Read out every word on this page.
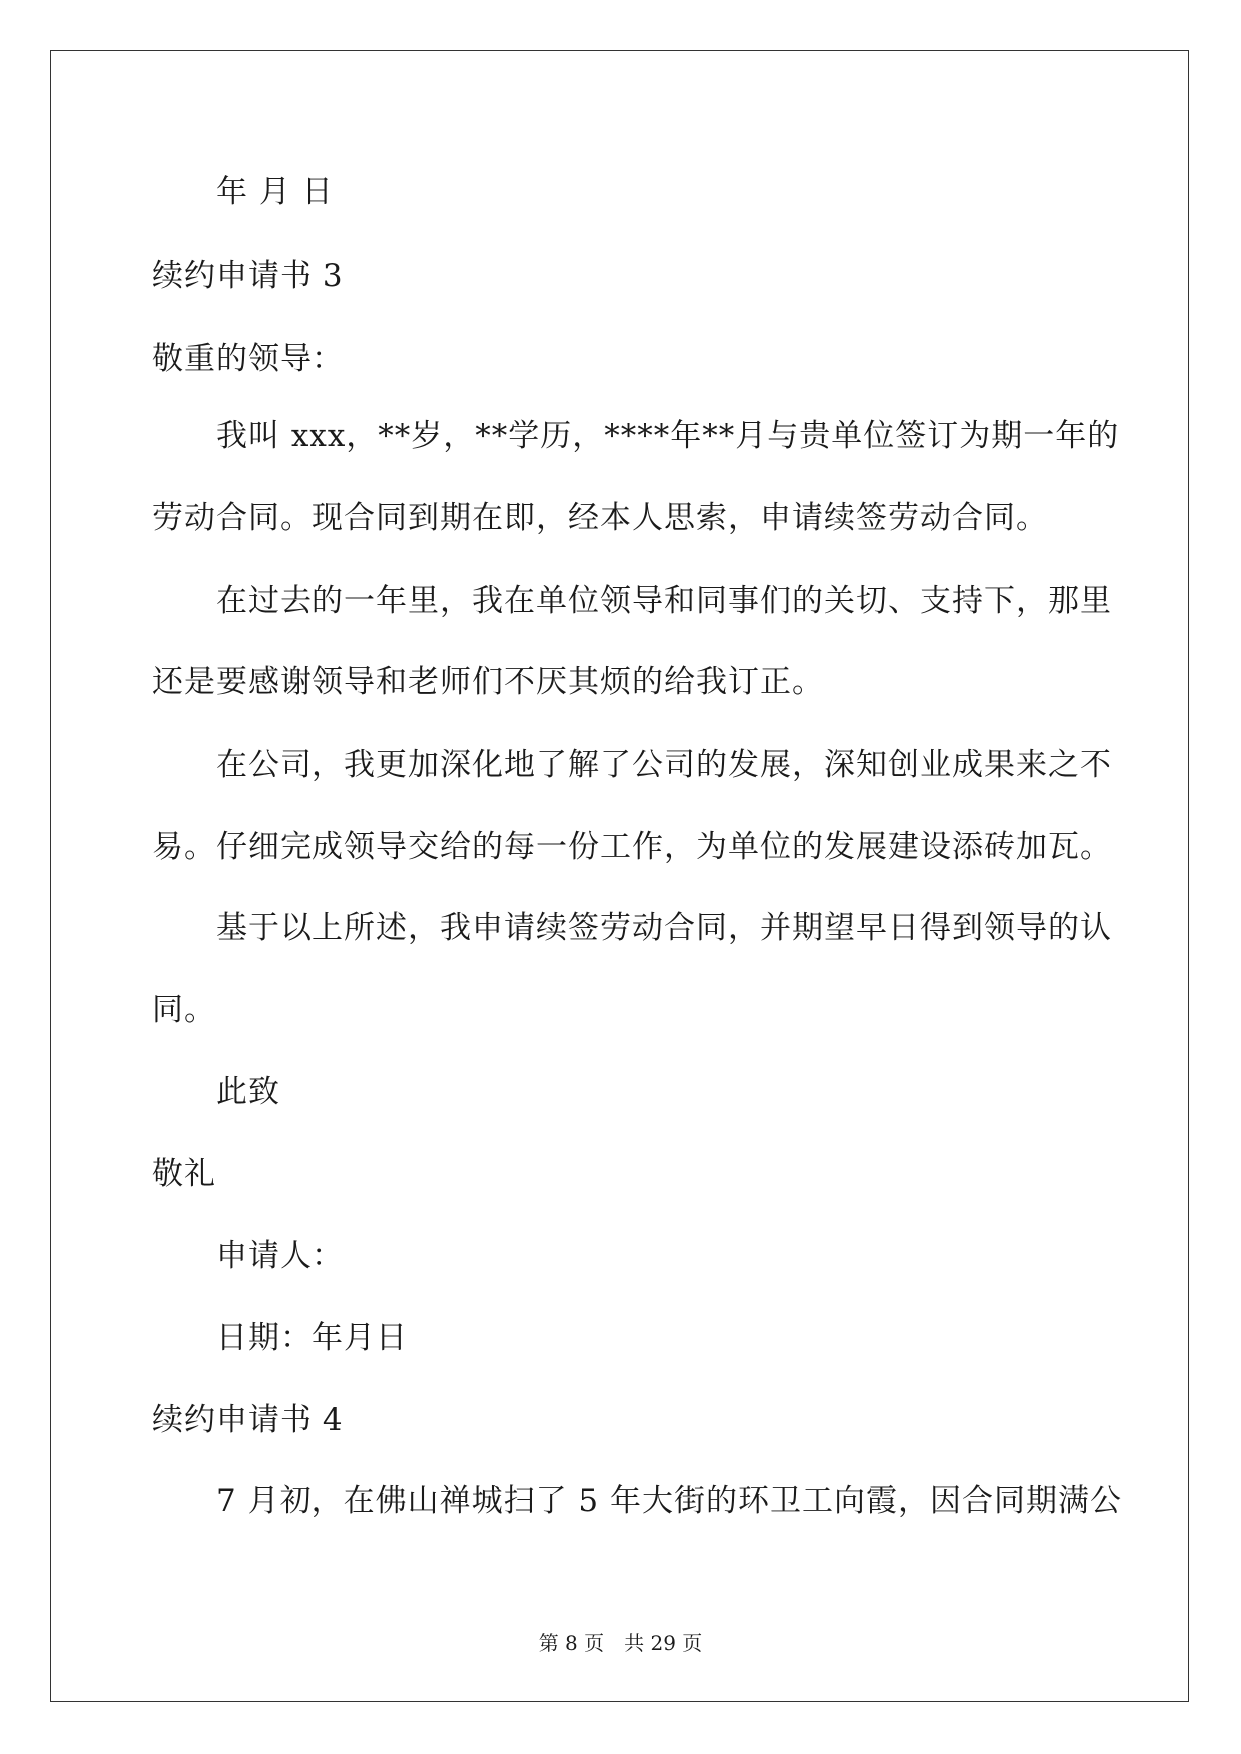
年 月 日
续约申请书 3
敬重的领导：
我叫 xxx，**岁，**学历，****年**月与贵单位签订为期一年的
劳动合同。现合同到期在即，经本人思索，申请续签劳动合同。
在过去的一年里，我在单位领导和同事们的关切、支持下，那里
还是要感谢领导和老师们不厌其烦的给我订正。
在公司，我更加深化地了解了公司的发展，深知创业成果来之不
易。仔细完成领导交给的每一份工作，为单位的发展建设添砖加瓦。
基于以上所述，我申请续签劳动合同，并期望早日得到领导的认
同。
此致
敬礼
申请人：
日期：年月日
续约申请书 4
7 月初，在佛山禅城扫了 5 年大街的环卫工向霞，因合同期满公
第 8 页　共 29 页
